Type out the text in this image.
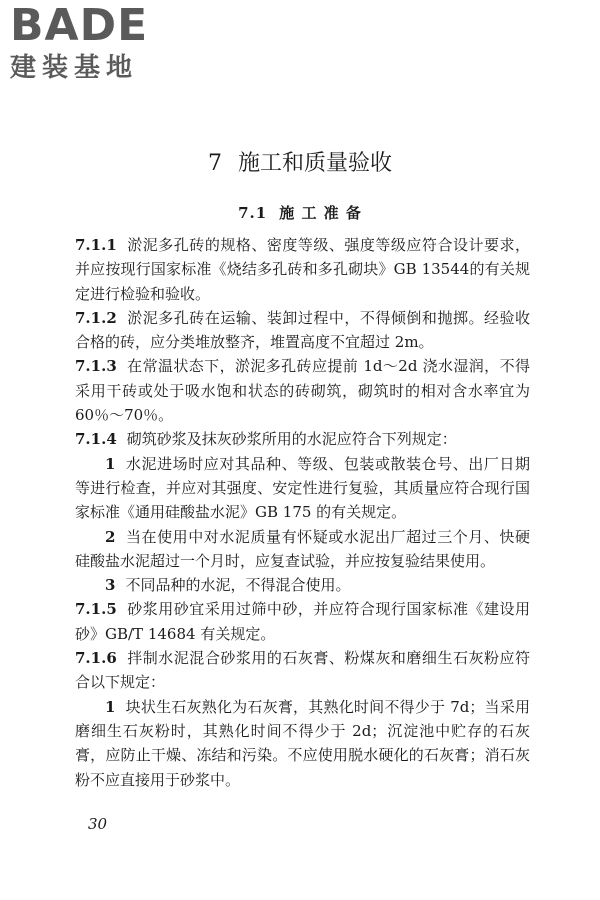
BADE
建装基地
7 施工和质量验收
7.1 施 工 准 备

7.1.1 淤泥多孔砖的规格、密度等级、强度等级应符合设计要求，并应按现行国家标准《烧结多孔砖和多孔砌块》GB 13544的有关规定进行检验和验收。

7.1.2 淤泥多孔砖在运输、装卸过程中，不得倾倒和抛掷。经验收合格的砖，应分类堆放整齐，堆置高度不宜超过 2m。

7.1.3 在常温状态下，淤泥多孔砖应提前 1d～2d 浇水湿润，不得采用干砖或处于吸水饱和状态的砖砌筑，砌筑时的相对含水率宜为 60％～70％。

7.1.4 砌筑砂浆及抹灰砂浆所用的水泥应符合下列规定：

1 水泥进场时应对其品种、等级、包装或散装仓号、出厂日期等进行检查，并应对其强度、安定性进行复验，其质量应符合现行国家标准《通用硅酸盐水泥》GB 175 的有关规定。

2 当在使用中对水泥质量有怀疑或水泥出厂超过三个月、快硬硅酸盐水泥超过一个月时，应复查试验，并应按复验结果使用。

3 不同品种的水泥，不得混合使用。

7.1.5 砂浆用砂宜采用过筛中砂，并应符合现行国家标准《建设用砂》GB/T 14684 有关规定。

7.1.6 拌制水泥混合砂浆用的石灰膏、粉煤灰和磨细生石灰粉应符合以下规定：

1 块状生石灰熟化为石灰膏，其熟化时间不得少于 7d；当采用磨细生石灰粉时，其熟化时间不得少于 2d；沉淀池中贮存的石灰膏，应防止干燥、冻结和污染。不应使用脱水硬化的石灰膏；消石灰粉不应直接用于砂浆中。

30
